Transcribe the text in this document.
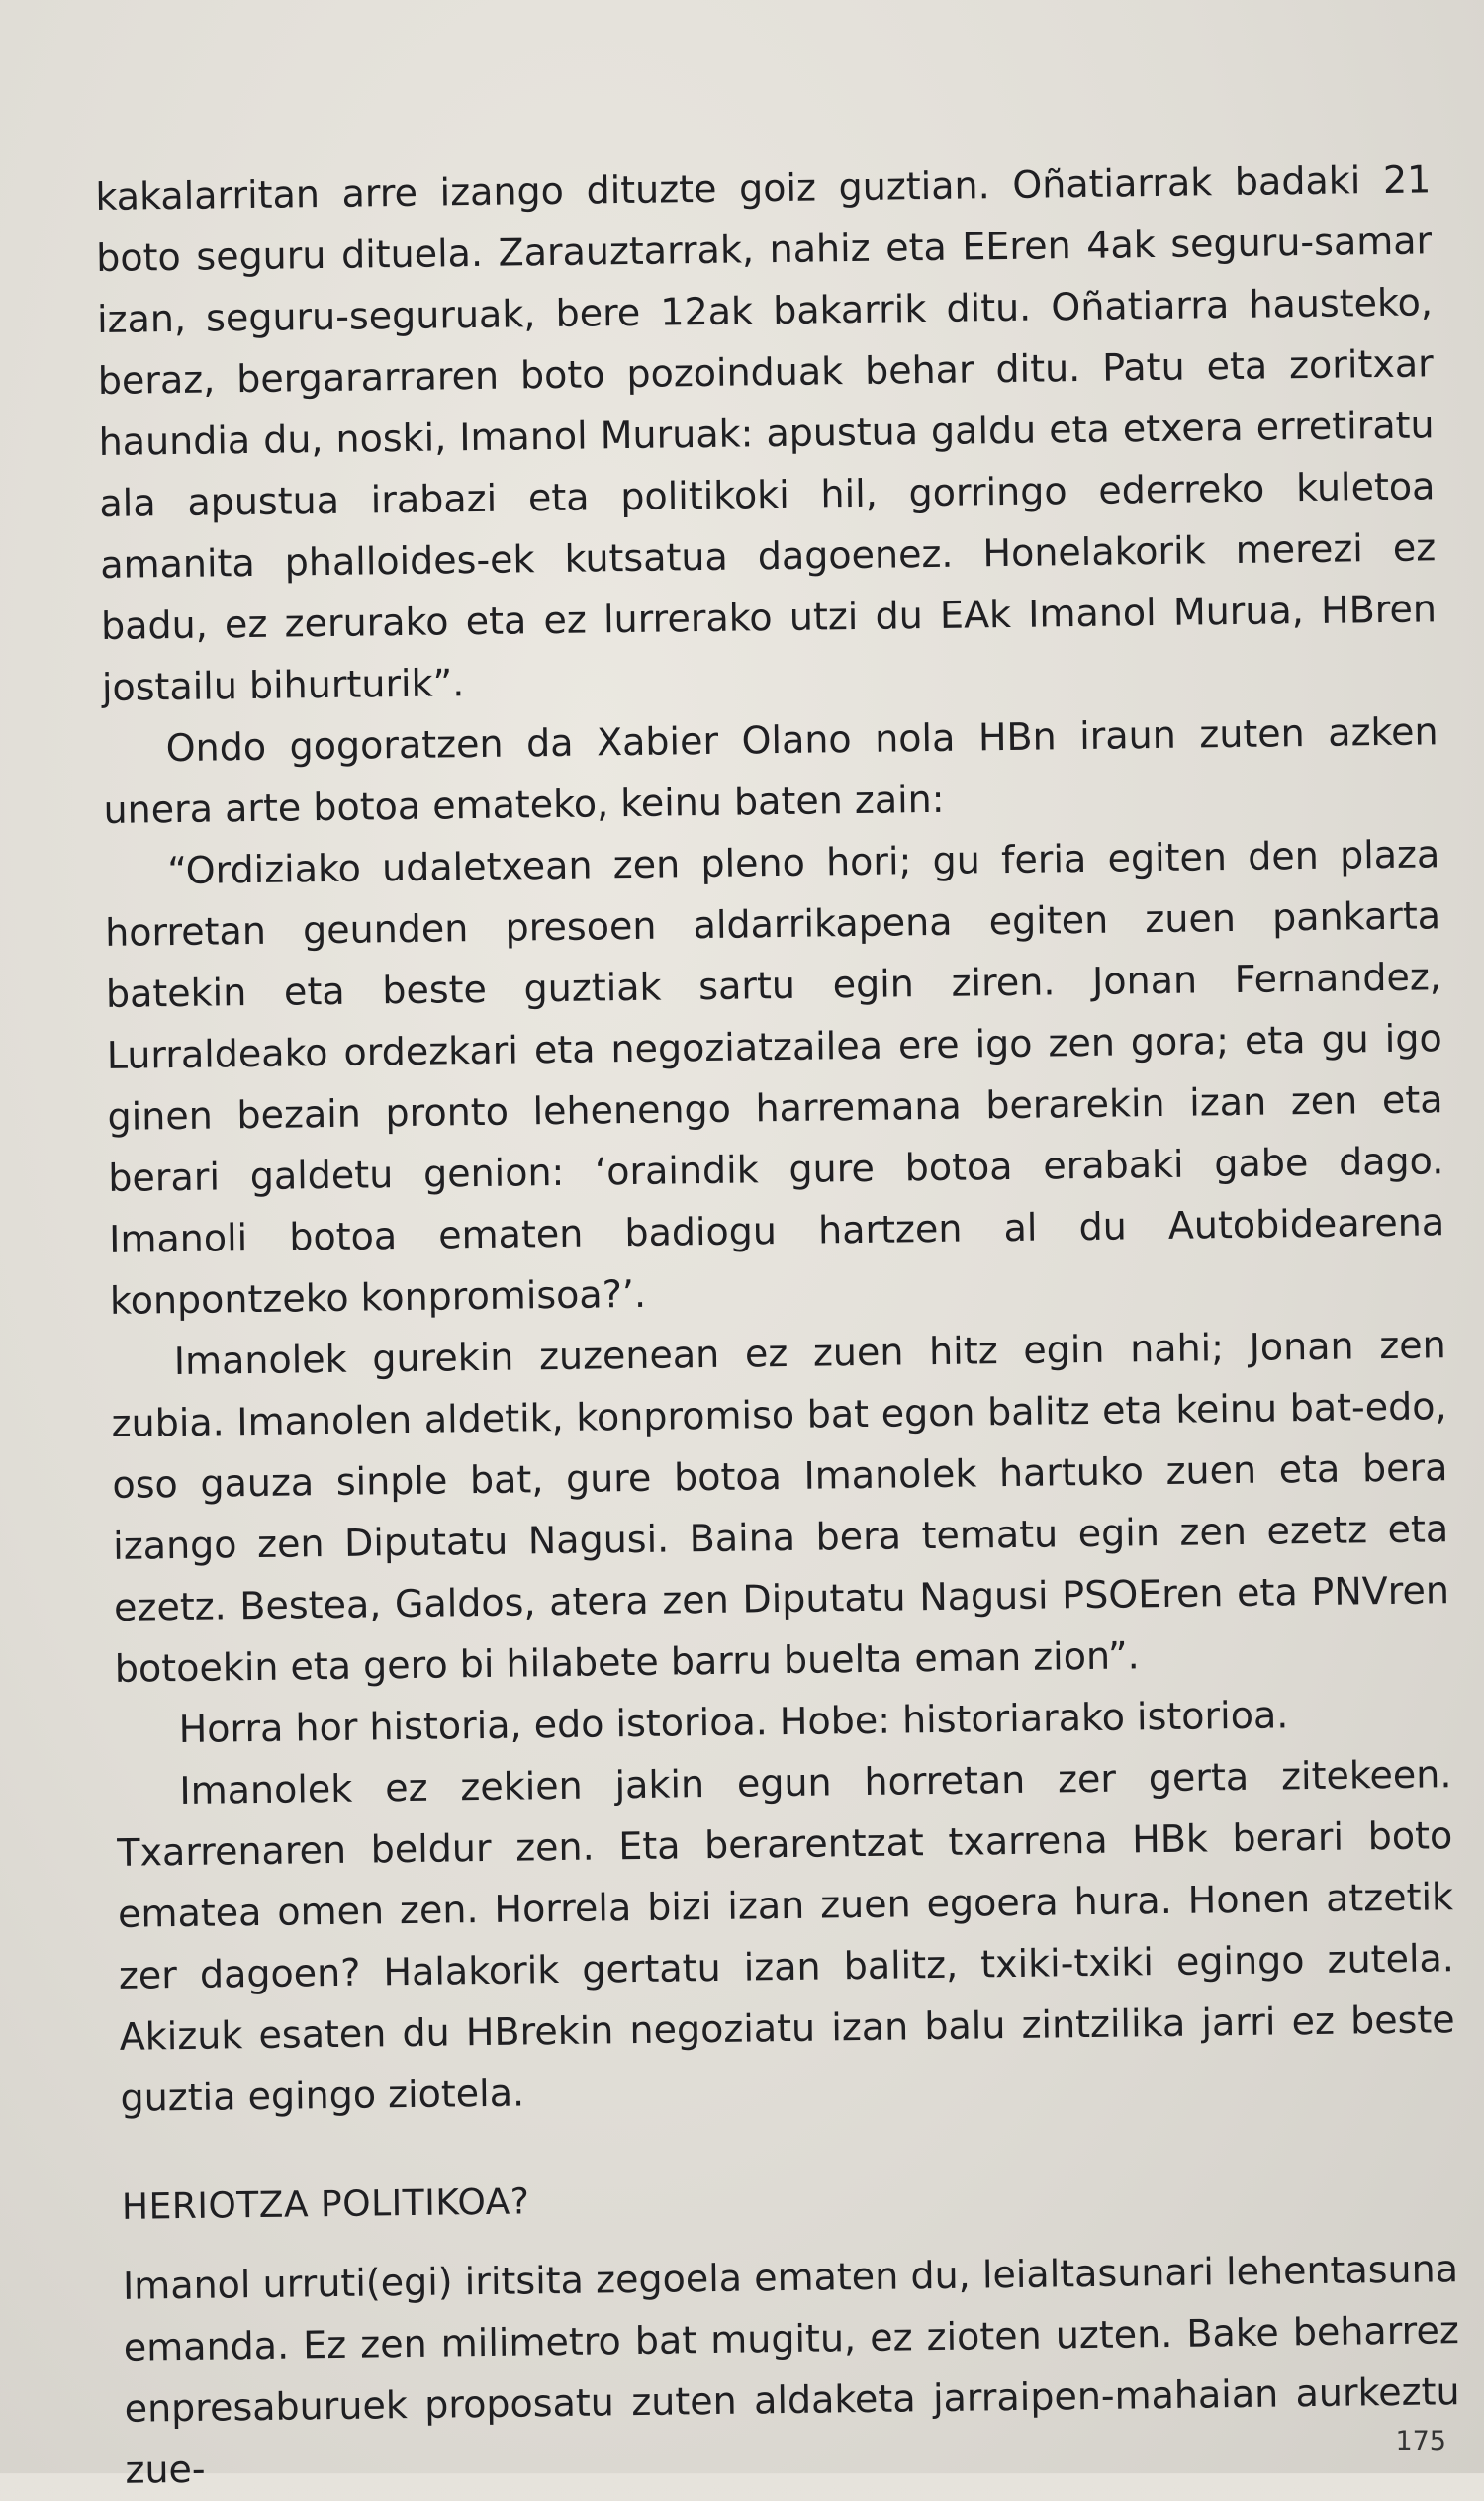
kakalarritan arre izango dituzte goiz guztian. Oñatiarrak badaki 21 boto seguru dituela. Zarauztarrak, nahiz eta EEren 4ak seguru-samar izan, seguru-seguruak, bere 12ak bakarrik ditu. Oñatiarra hausteko, beraz, bergararraren boto pozoinduak behar ditu. Patu eta zoritxar haundia du, noski, Imanol Muruak: apustua galdu eta etxera erretiratu ala apustua irabazi eta politikoki hil, gorringo ederreko kuletoa amanita phalloides-ek kutsatua dagoenez. Honelakorik merezi ez badu, ez zerurako eta ez lurrerako utzi du EAk Imanol Murua, HBren jostailu bihurturik”.

Ondo gogoratzen da Xabier Olano nola HBn iraun zuten azken unera arte botoa emateko, keinu baten zain:

“Ordiziako udaletxean zen pleno hori; gu feria egiten den plaza horretan geunden presoen aldarrikapena egiten zuen pankarta batekin eta beste guztiak sartu egin ziren. Jonan Fernandez, Lurraldeako ordezkari eta negoziatzailea ere igo zen gora; eta gu igo ginen bezain pronto lehenengo harremana berarekin izan zen eta berari galdetu genion: ‘oraindik gure botoa erabaki gabe dago. Imanoli botoa ematen badiogu hartzen al du Autobidearena konpontzeko konpromisoa?’.

Imanolek gurekin zuzenean ez zuen hitz egin nahi; Jonan zen zubia. Imanolen aldetik, konpromiso bat egon balitz eta keinu bat-edo, oso gauza sinple bat, gure botoa Imanolek hartuko zuen eta bera izango zen Diputatu Nagusi. Baina bera tematu egin zen ezetz eta ezetz. Bestea, Galdos, atera zen Diputatu Nagusi PSOEren eta PNVren botoekin eta gero bi hilabete barru buelta eman zion”.

Horra hor historia, edo istorioa. Hobe: historiarako istorioa.

Imanolek ez zekien jakin egun horretan zer gerta zitekeen. Txarrenaren beldur zen. Eta berarentzat txarrena HBk berari boto ematea omen zen. Horrela bizi izan zuen egoera hura. Honen atzetik zer dagoen? Halakorik gertatu izan balitz, txiki-txiki egingo zutela. Akizuk esaten du HBrekin negoziatu izan balu zintzilika jarri ez beste guztia egingo ziotela.

HERIOTZA POLITIKOA?

Imanol urruti(egi) iritsita zegoela ematen du, leialtasunari lehentasuna emanda. Ez zen milimetro bat mugitu, ez zioten uzten. Bake beharrez enpresaburuek proposatu zuten aldaketa jarraipen-mahaian aurkeztu zue-

175
